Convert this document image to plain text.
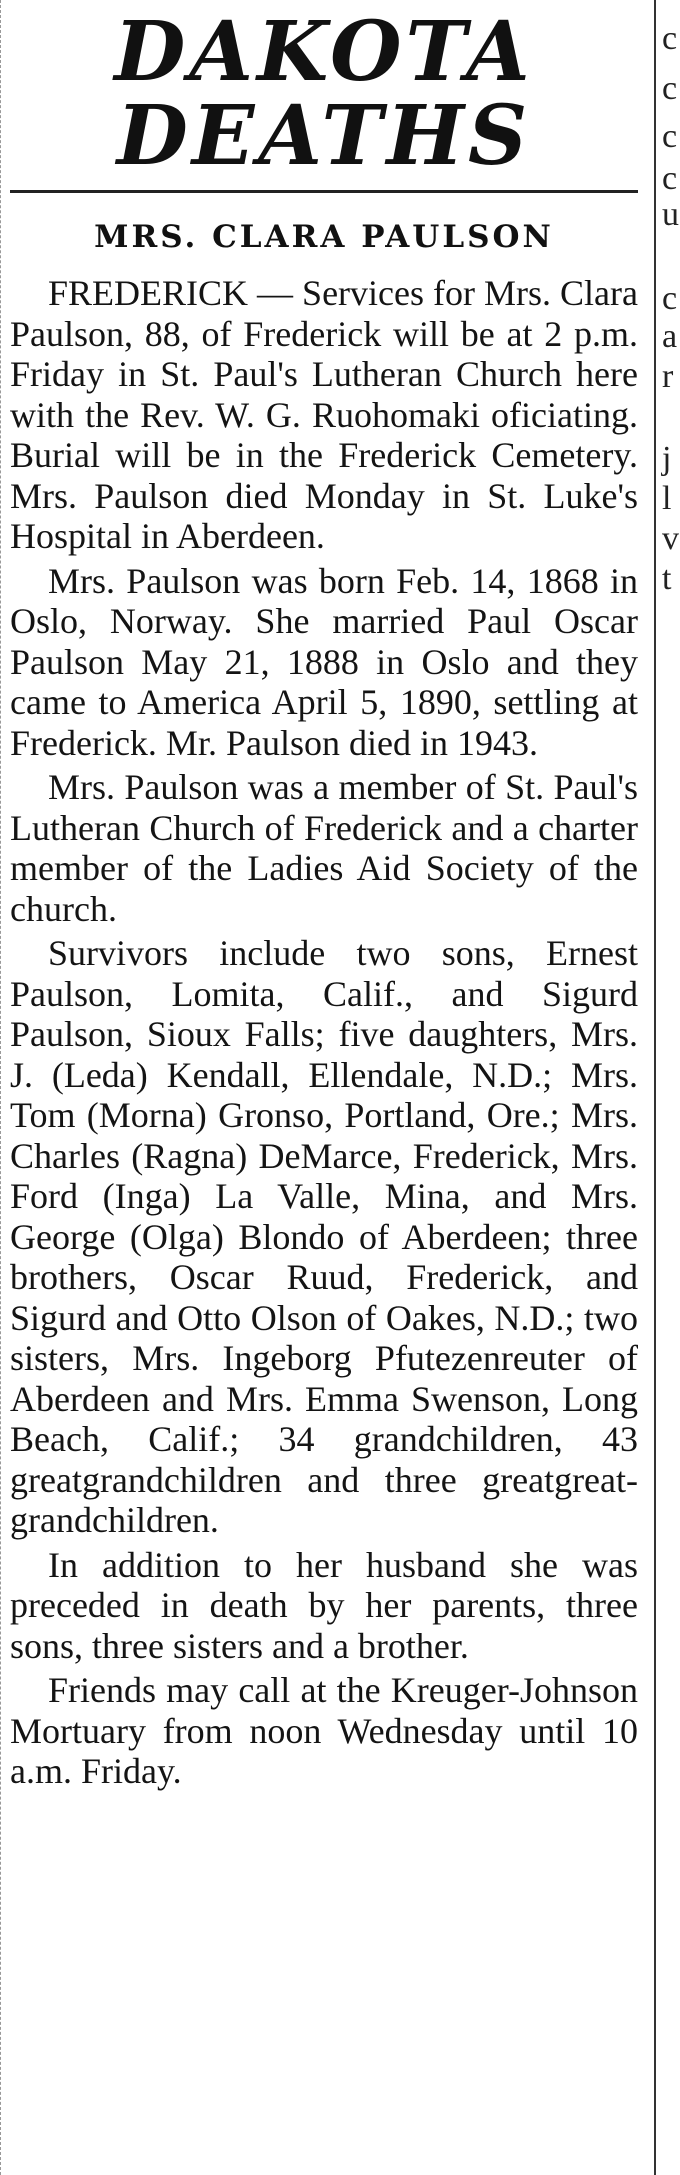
DAKOTA
DEATHS
MRS. CLARA PAULSON

FREDERICK — Services for Mrs. Clara Paulson, 88, of Frederick will be at 2 p.m. Friday in St. Paul's Lutheran Church here with the Rev. W. G. Ruohomaki oficiating. Burial will be in the Frederick Cemetery. Mrs. Paulson died Monday in St. Luke's Hospital in Aberdeen.

Mrs. Paulson was born Feb. 14, 1868 in Oslo, Norway. She married Paul Oscar Paulson May 21, 1888 in Oslo and they came to America April 5, 1890, settling at Frederick. Mr. Paulson died in 1943.

Mrs. Paulson was a member of St. Paul's Lutheran Church of Frederick and a charter member of the Ladies Aid Society of the church.

Survivors include two sons, Ernest Paulson, Lomita, Calif., and Sigurd Paulson, Sioux Falls; five daughters, Mrs. J. (Leda) Kendall, Ellendale, N.D.; Mrs. Tom (Morna) Gronso, Portland, Ore.; Mrs. Charles (Ragna) DeMarce, Frederick, Mrs. Ford (Inga) La Valle, Mina, and Mrs. George (Olga) Blondo of Aberdeen; three brothers, Oscar Ruud, Frederick, and Sigurd and Otto Olson of Oakes, N.D.; two sisters, Mrs. Ingeborg Pfutezenreuter of Aberdeen and Mrs. Emma Swenson, Long Beach, Calif.; 34 grandchildren, 43 greatgrandchildren and three greatgreat-grandchildren.

In addition to her husband she was preceded in death by her parents, three sons, three sisters and a brother.

Friends may call at the Kreuger-Johnson Mortuary from noon Wednesday until 10 a.m. Friday.

c
c
c
c
u
c
a
r
j
l
v
t
